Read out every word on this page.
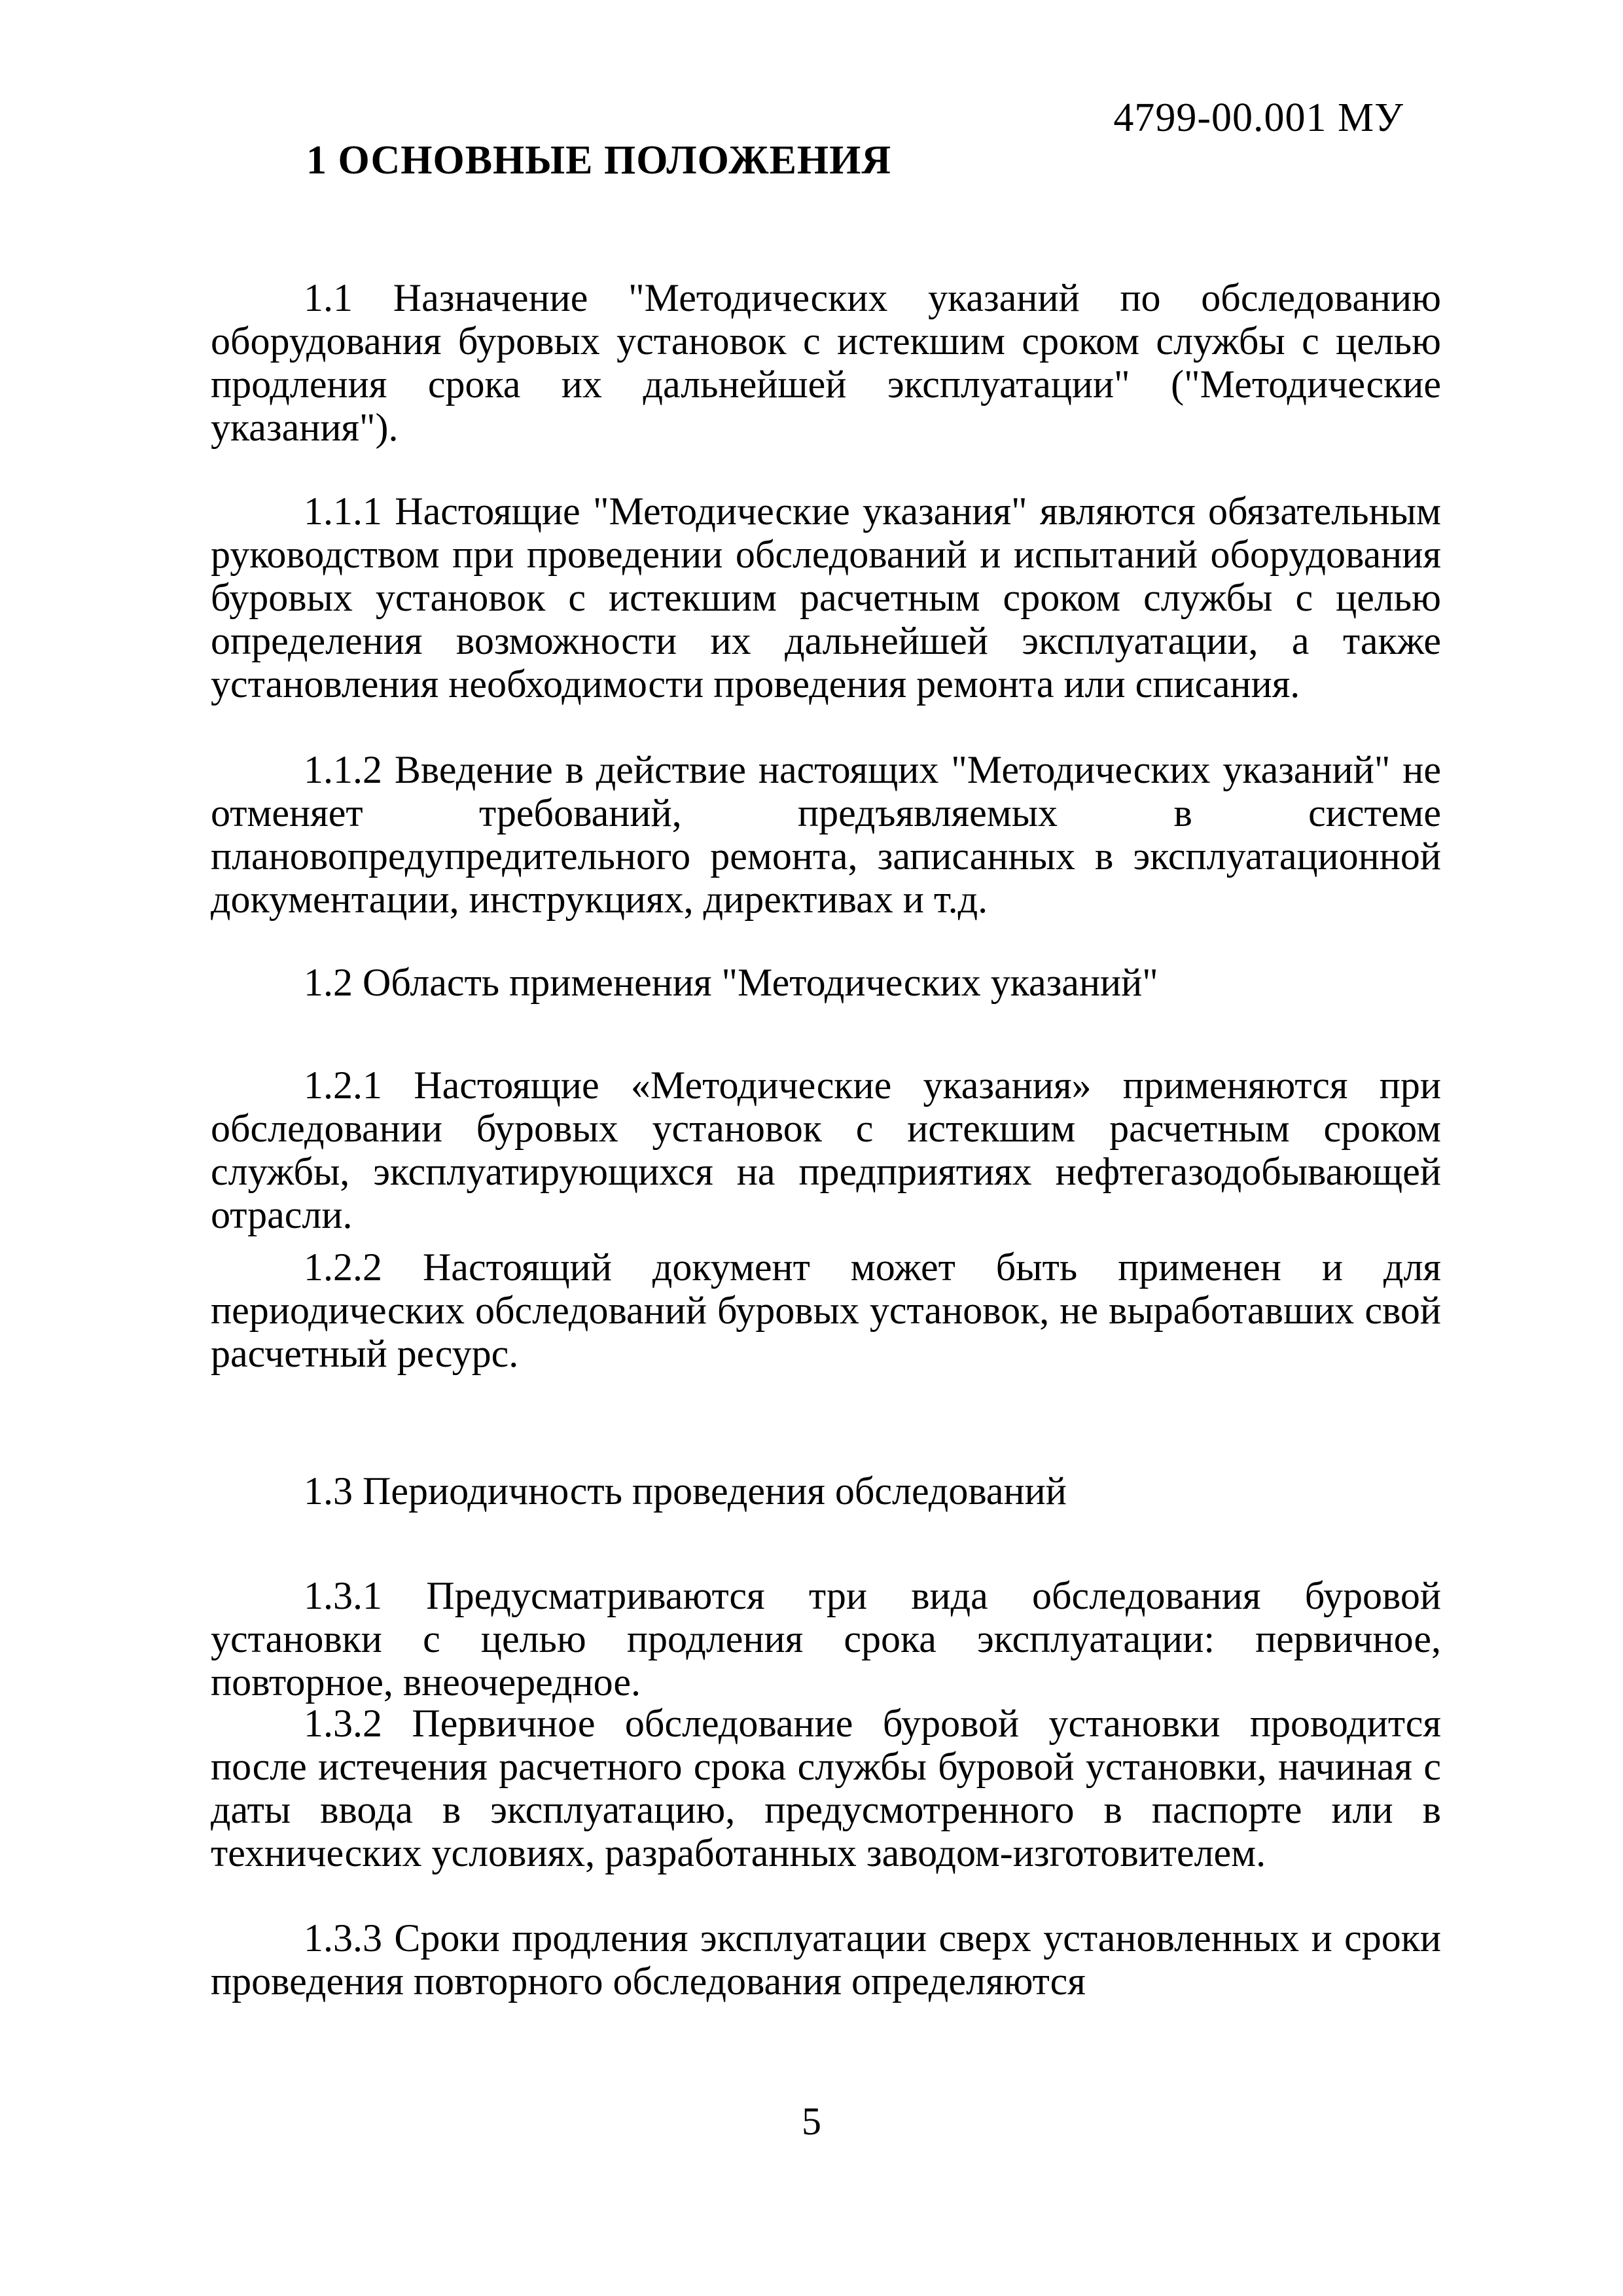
4799-00.001 МУ
1 ОСНОВНЫЕ ПОЛОЖЕНИЯ

1.1 Назначение "Методических указаний по обследованию оборудования буровых установок с истекшим сроком службы с целью продления срока их дальнейшей эксплуатации" ("Методические указания").

1.1.1 Настоящие "Методические указания" являются обязательным руководством при проведении обследований и испытаний оборудования буровых установок с истекшим расчетным сроком службы с целью определения возможности их дальнейшей эксплуатации, а также установления необходимости проведения ремонта или списания.

1.1.2 Введение в действие настоящих "Методических указаний" не отменяет требований, предъявляемых в системе плановопредупредительного ремонта, записанных в эксплуатационной документации, инструкциях, директивах и т.д.

1.2 Область применения "Методических указаний"

1.2.1 Настоящие «Методические указания» применяются при обследовании буровых установок с истекшим расчетным сроком службы, эксплуатирующихся на предприятиях нефтегазодобывающей отрасли.

1.2.2 Настоящий документ может быть применен и для периодических обследований буровых установок, не выработавших свой расчетный ресурс.

1.3 Периодичность проведения обследований

1.3.1 Предусматриваются три вида обследования буровой установки с целью продления срока эксплуатации: первичное, повторное, внеочередное.

1.3.2 Первичное обследование буровой установки проводится после истечения расчетного срока службы буровой установки, начиная с даты ввода в эксплуатацию, предусмотренного в паспорте или в технических условиях, разработанных заводом-изготовителем.

1.3.3 Сроки продления эксплуатации сверх установленных и сроки проведения повторного обследования определяются

5
